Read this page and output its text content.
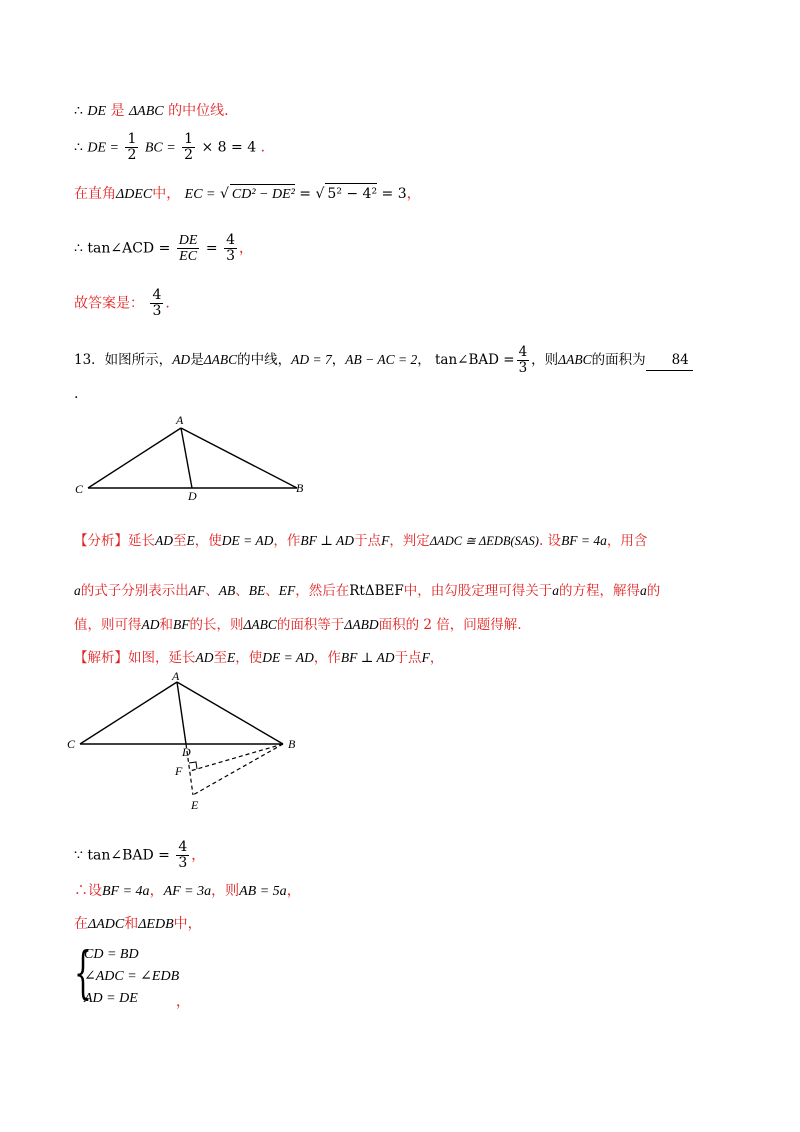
∴ DE 是 ΔABC 的中位线.
∴ DE = $\frac{1}{2}$ BC = $\frac{1}{2} \times 8 = 4$ .
在直角ΔDEC中， EC = √ CD² − DE² = √ 5² − 4² = 3，
∴ tan∠ACD = $\frac{DE}{EC} = \frac{4}{3}$ ，
故答案是： $\frac{4}{3}$ .
13．如图所示，AD是ΔABC的中线，AD = 7，AB − AC = 2， tan∠BAD = $\frac{4}{3}$ ，则ΔABC的面积为 84
.
A
C	D
B
【分析】延长AD至E，使DE = AD，作BF ⊥ AD于点F，判定ΔADC ≅ ΔEDB(SAS). 设BF = 4a，用含
a的式子分别表示出AF、AB、BE、EF，然后在RtΔBEF中，由勾股定理可得关于a的方程，解得a的
值，则可得AD和BF的长，则ΔABC的面积等于ΔABD面积的 2 倍，问题得解.
【解析】如图，延长AD至E，使DE = AD，作BF ⊥ AD于点F，
A
C
D
B
F
E
∵ tan∠BAD = $\frac{4}{3}$ ，
∴设BF = 4a，AF = 3a，则AB = 5a，
在ΔADC和ΔEDB中，
{
CD = BD
∠ADC = ∠EDB
AD = DE	，
